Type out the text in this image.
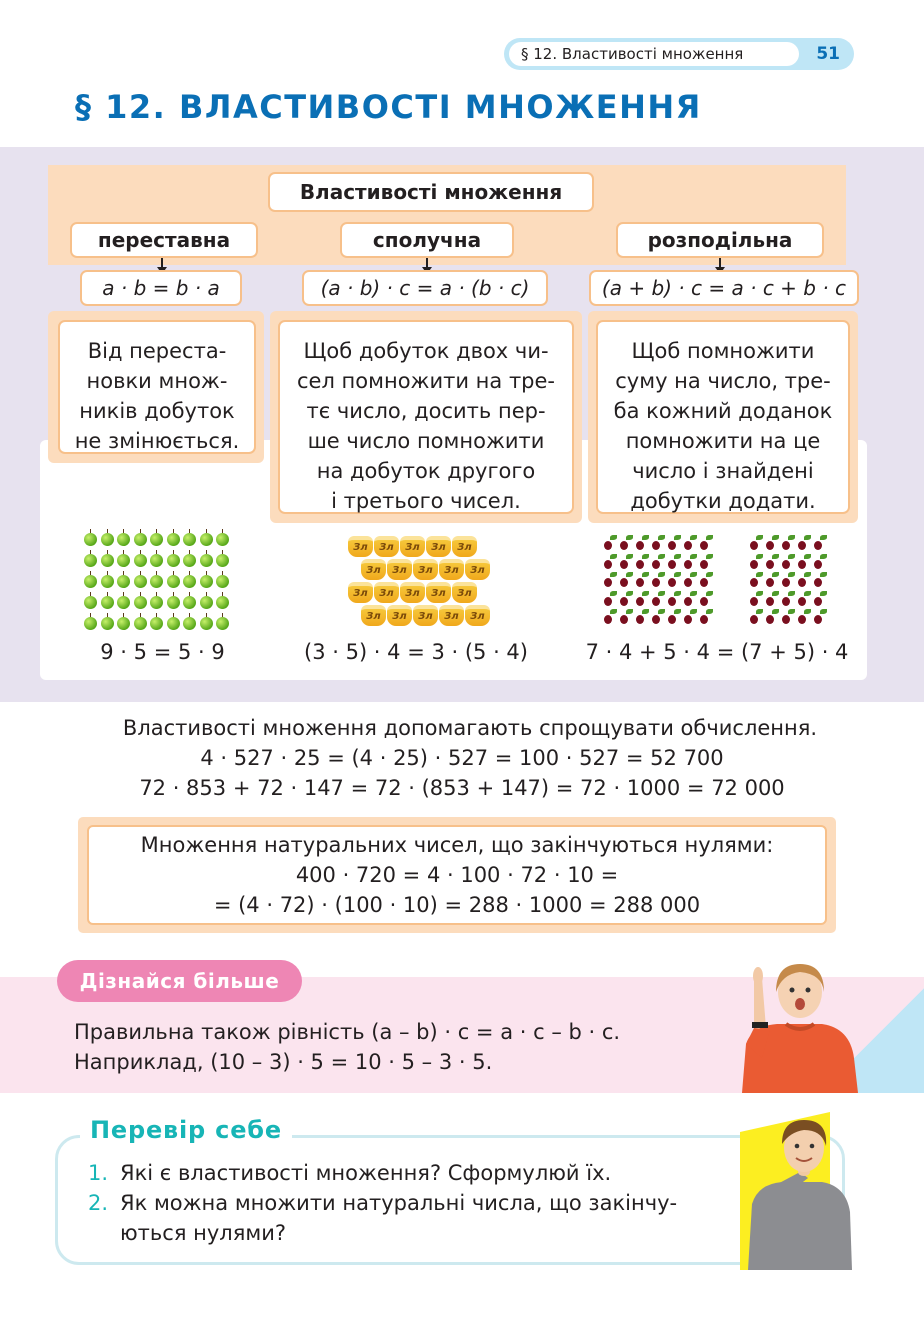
§ 12. Властивості множення	51
§ 12. ВЛАСТИВОСТІ МНОЖЕННЯ
Властивості множення
переставна	сполучна	розподільна
a · b = b · a	(a · b) · c = a · (b · c)	(a + b) · c = a · c + b · c
Від переста-
новки множ-
ників добуток
не змінюється.
Щоб добуток двох чи-
сел помножити на тре-
тє число, досить пер-
ше число помножити
на добуток другого
і третього чисел.
Щоб помножити
суму на число, тре-
ба кожний доданок
помножити на це
число і знайдені
добутки додати.
Зл	Зл	Зл	Зл	Зл
Зл	Зл	Зл	Зл	Зл
Зл	Зл	Зл	Зл	Зл
Зл	Зл	Зл	Зл	Зл
9 · 5 = 5 · 9	(3 · 5) · 4 = 3 · (5 · 4)	7 · 4 + 5 · 4 = (7 + 5) · 4
Властивості множення допомагають спрощувати обчислення.
4 · 527 · 25 = (4 · 25) · 527 = 100 · 527 = 52 700
72 · 853 + 72 · 147 = 72 · (853 + 147) = 72 · 1000 = 72 000
Множення натуральних чисел, що закінчуються нулями:
400 · 720 = 4 · 100 · 72 · 10 =
= (4 · 72) · (100 · 10) = 288 · 1000 = 288 000
Дізнайся більше
Правильна також рівність (a – b) · c = a · c – b · c.
Наприклад, (10 – 3) · 5 = 10 · 5 – 3 · 5.
Перевір себе
1. Які є властивості множення? Сформулюй їх.
2. Як можна множити натуральні числа, що закінчу-
ються нулями?
